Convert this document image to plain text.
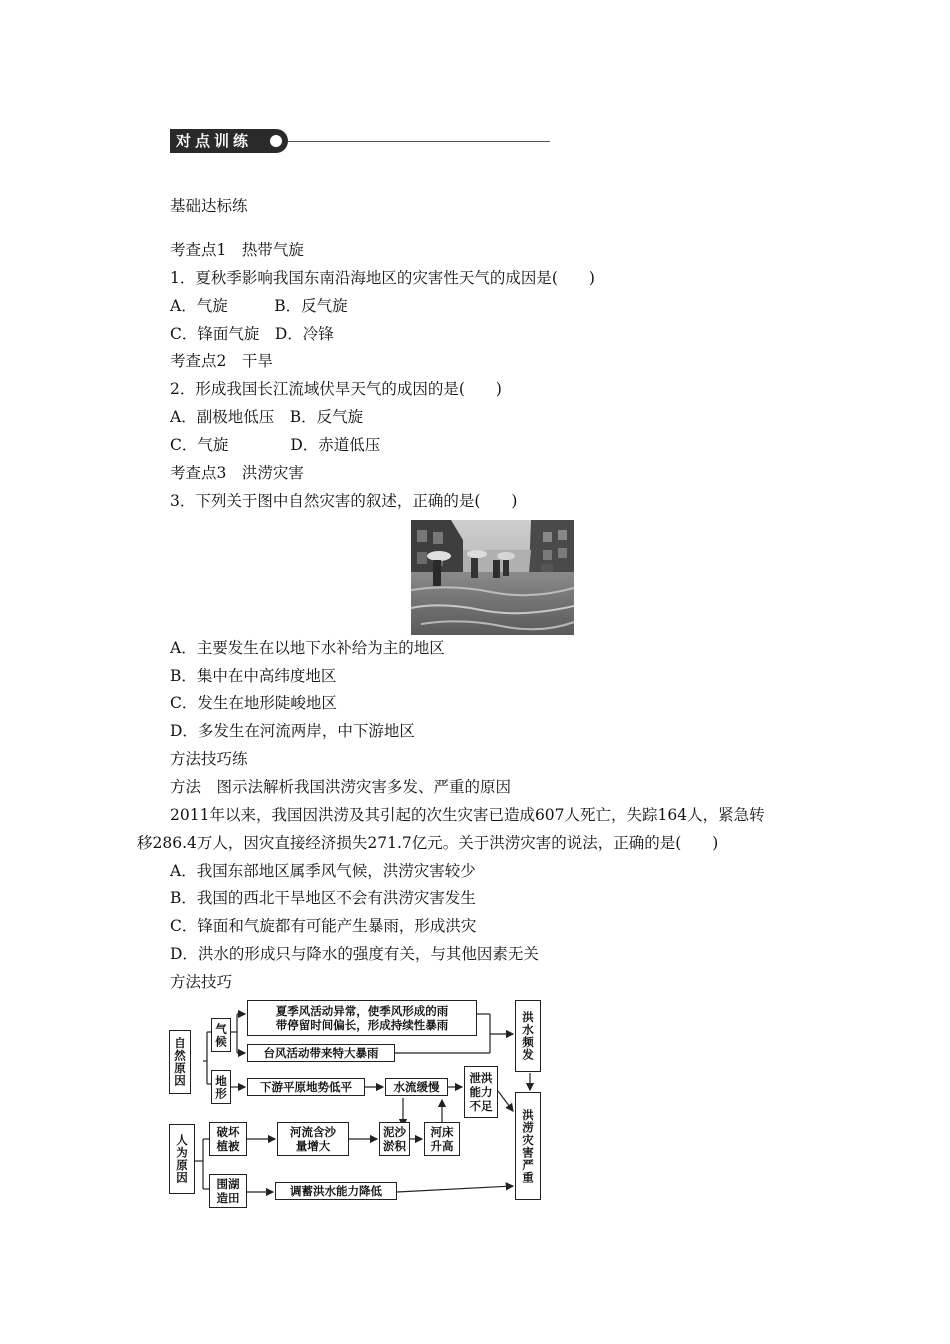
对点训练
基础达标练
考查点1　热带气旋
1．夏秋季影响我国东南沿海地区的灾害性天气的成因是(　　)
A．气旋　　　B．反气旋
C．锋面气旋　D．冷锋
考查点2　干旱
2．形成我国长江流域伏旱天气的成因的是(　　)
A．副极地低压　B．反气旋
C．气旋　　　　D．赤道低压
考查点3　洪涝灾害
3．下列关于图中自然灾害的叙述，正确的是(　　)
A．主要发生在以地下水补给为主的地区
B．集中在中高纬度地区
C．发生在地形陡峻地区
D．多发生在河流两岸，中下游地区
方法技巧练
方法　图示法解析我国洪涝灾害多发、严重的原因
2011年以来，我国因洪涝及其引起的次生灾害已造成607人死亡，失踪164人，紧急转
移286.4万人，因灾直接经济损失271.7亿元。关于洪涝灾害的说法，正确的是(　　)
A．我国东部地区属季风气候，洪涝灾害较少
B．我国的西北干旱地区不会有洪涝灾害发生
C．锋面和气旋都有可能产生暴雨，形成洪灾
D．洪水的形成只与降水的强度有关，与其他因素无关
方法技巧
自然原因
气候
夏季风活动异常，使季风形成的雨
带停留时间偏长，形成持续性暴雨
台风活动带来特大暴雨
地形	下游平原地势低平	水流缓慢
泄洪能力不足
洪水频发
洪涝灾害严重
人为原因
破坏植被
河流含沙
量增大
泥沙淤积
河床升高
围湖造田	调蓄洪水能力降低
